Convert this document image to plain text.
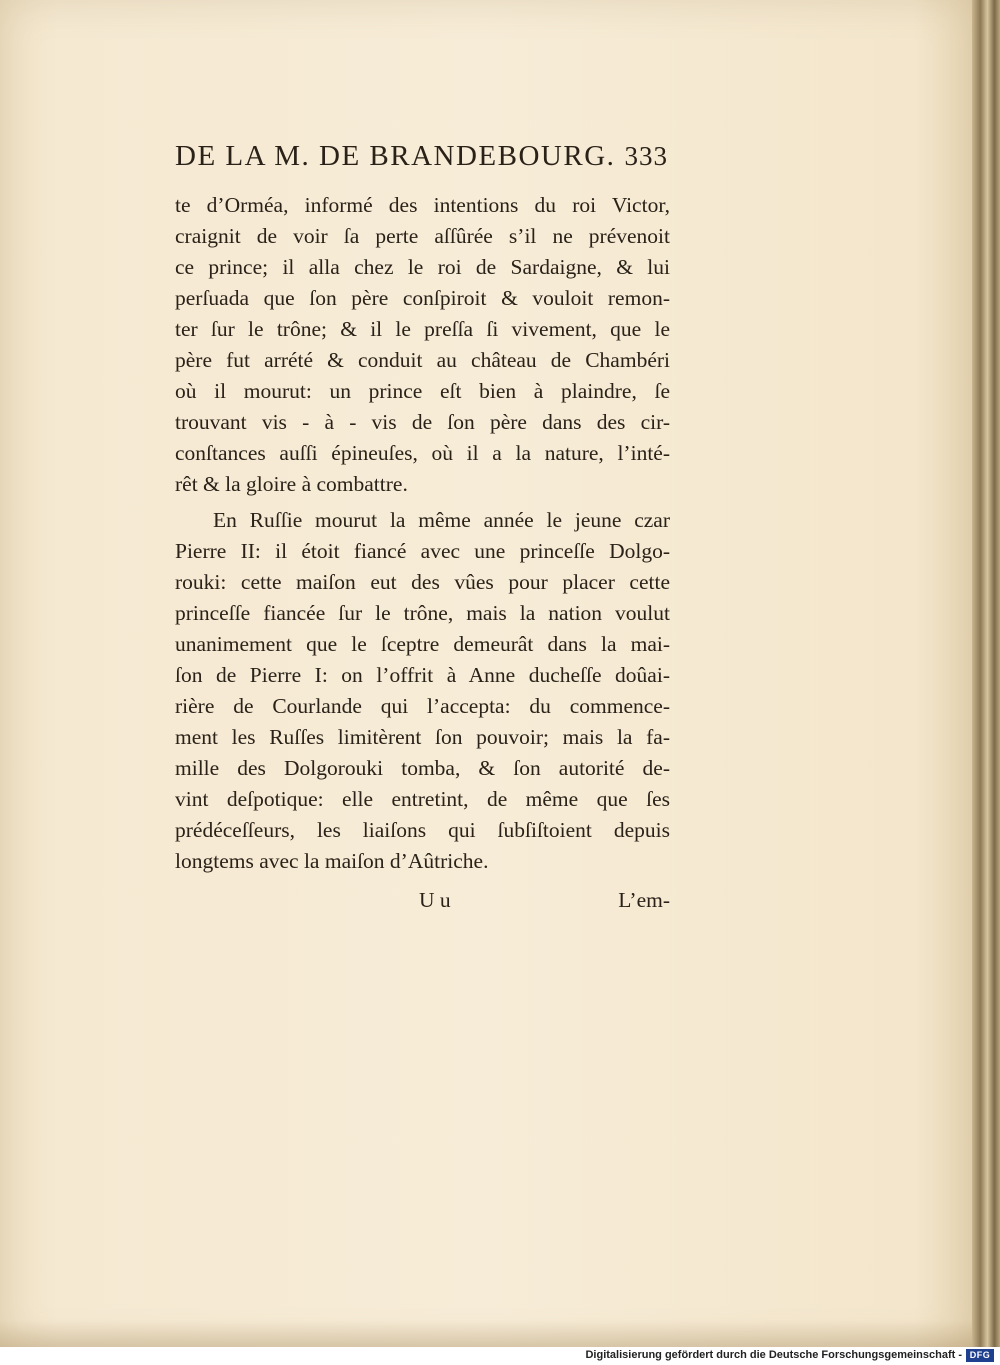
DE LA M. DE BRANDEBOURG. 333
te d’Orméa, informé des intentions du roi Victor,
craignit de voir ſa perte aſſûrée s’il ne prévenoit
ce prince; il alla chez le roi de Sardaigne, & lui
perſuada que ſon père conſpiroit & vouloit remon-
ter ſur le trône; & il le preſſa ſi vivement, que le
père fut arrété & conduit au château de Chambéri
où il mourut: un prince eſt bien à plaindre, ſe
trouvant vis - à - vis de ſon père dans des cir-
conſtances auſſi épineuſes, où il a la nature, l’inté-
rêt & la gloire à combattre.
En Ruſſie mourut la même année le jeune czar
Pierre II: il étoit fiancé avec une princeſſe Dolgo-
rouki: cette maiſon eut des vûes pour placer cette
princeſſe fiancée ſur le trône, mais la nation voulut
unanimement que le ſceptre demeurât dans la mai-
ſon de Pierre I: on l’offrit à Anne ducheſſe doûai-
rière de Courlande qui l’accepta: du commence-
ment les Ruſſes limitèrent ſon pouvoir; mais la fa-
mille des Dolgorouki tomba, & ſon autorité de-
vint deſpotique: elle entretint, de même que ſes
prédéceſſeurs, les liaiſons qui ſubſiſtoient depuis
longtems avec la maiſon d’Aûtriche.
U u	L’em-
Digitalisierung gefördert durch die Deutsche Forschungsgemeinschaft - DFG
